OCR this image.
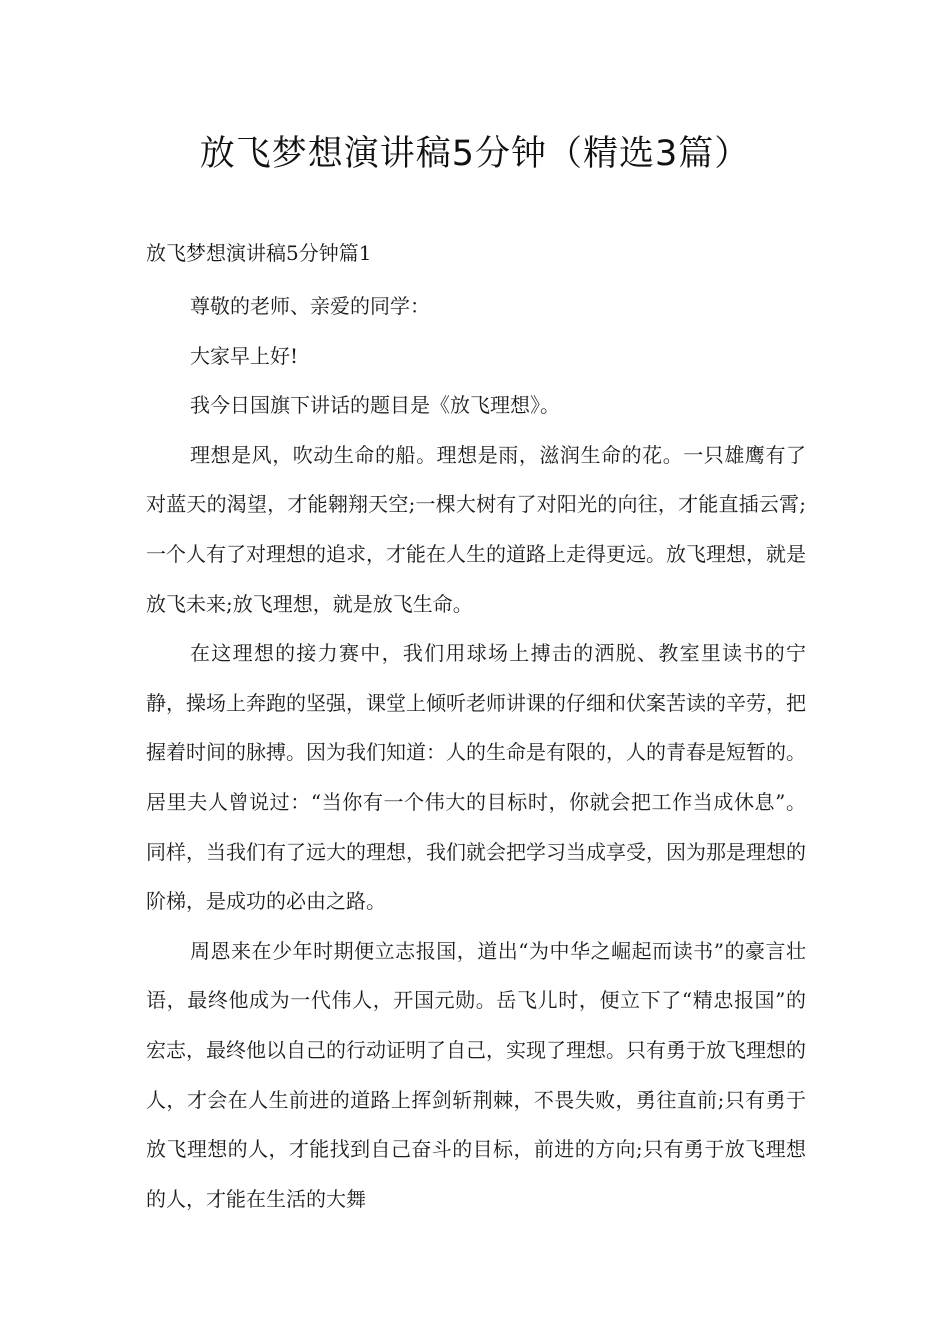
放飞梦想演讲稿5分钟（精选3篇）
放飞梦想演讲稿5分钟篇1

尊敬的老师、亲爱的同学：

大家早上好!

我今日国旗下讲话的题目是《放飞理想》。

理想是风，吹动生命的船。理想是雨，滋润生命的花。一只雄鹰有了对蓝天的渴望，才能翱翔天空;一棵大树有了对阳光的向往，才能直插云霄;一个人有了对理想的追求，才能在人生的道路上走得更远。放飞理想，就是放飞未来;放飞理想，就是放飞生命。

在这理想的接力赛中，我们用球场上搏击的洒脱、教室里读书的宁静，操场上奔跑的坚强，课堂上倾听老师讲课的仔细和伏案苦读的辛劳，把握着时间的脉搏。因为我们知道：人的生命是有限的，人的青春是短暂的。居里夫人曾说过：“当你有一个伟大的目标时，你就会把工作当成休息”。同样，当我们有了远大的理想，我们就会把学习当成享受，因为那是理想的阶梯，是成功的必由之路。

周恩来在少年时期便立志报国，道出“为中华之崛起而读书”的豪言壮语，最终他成为一代伟人，开国元勋。岳飞儿时，便立下了“精忠报国”的宏志，最终他以自己的行动证明了自己，实现了理想。只有勇于放飞理想的人，才会在人生前进的道路上挥剑斩荆棘，不畏失败，勇往直前;只有勇于放飞理想的人，才能找到自己奋斗的目标，前进的方向;只有勇于放飞理想的人，才能在生活的大舞
